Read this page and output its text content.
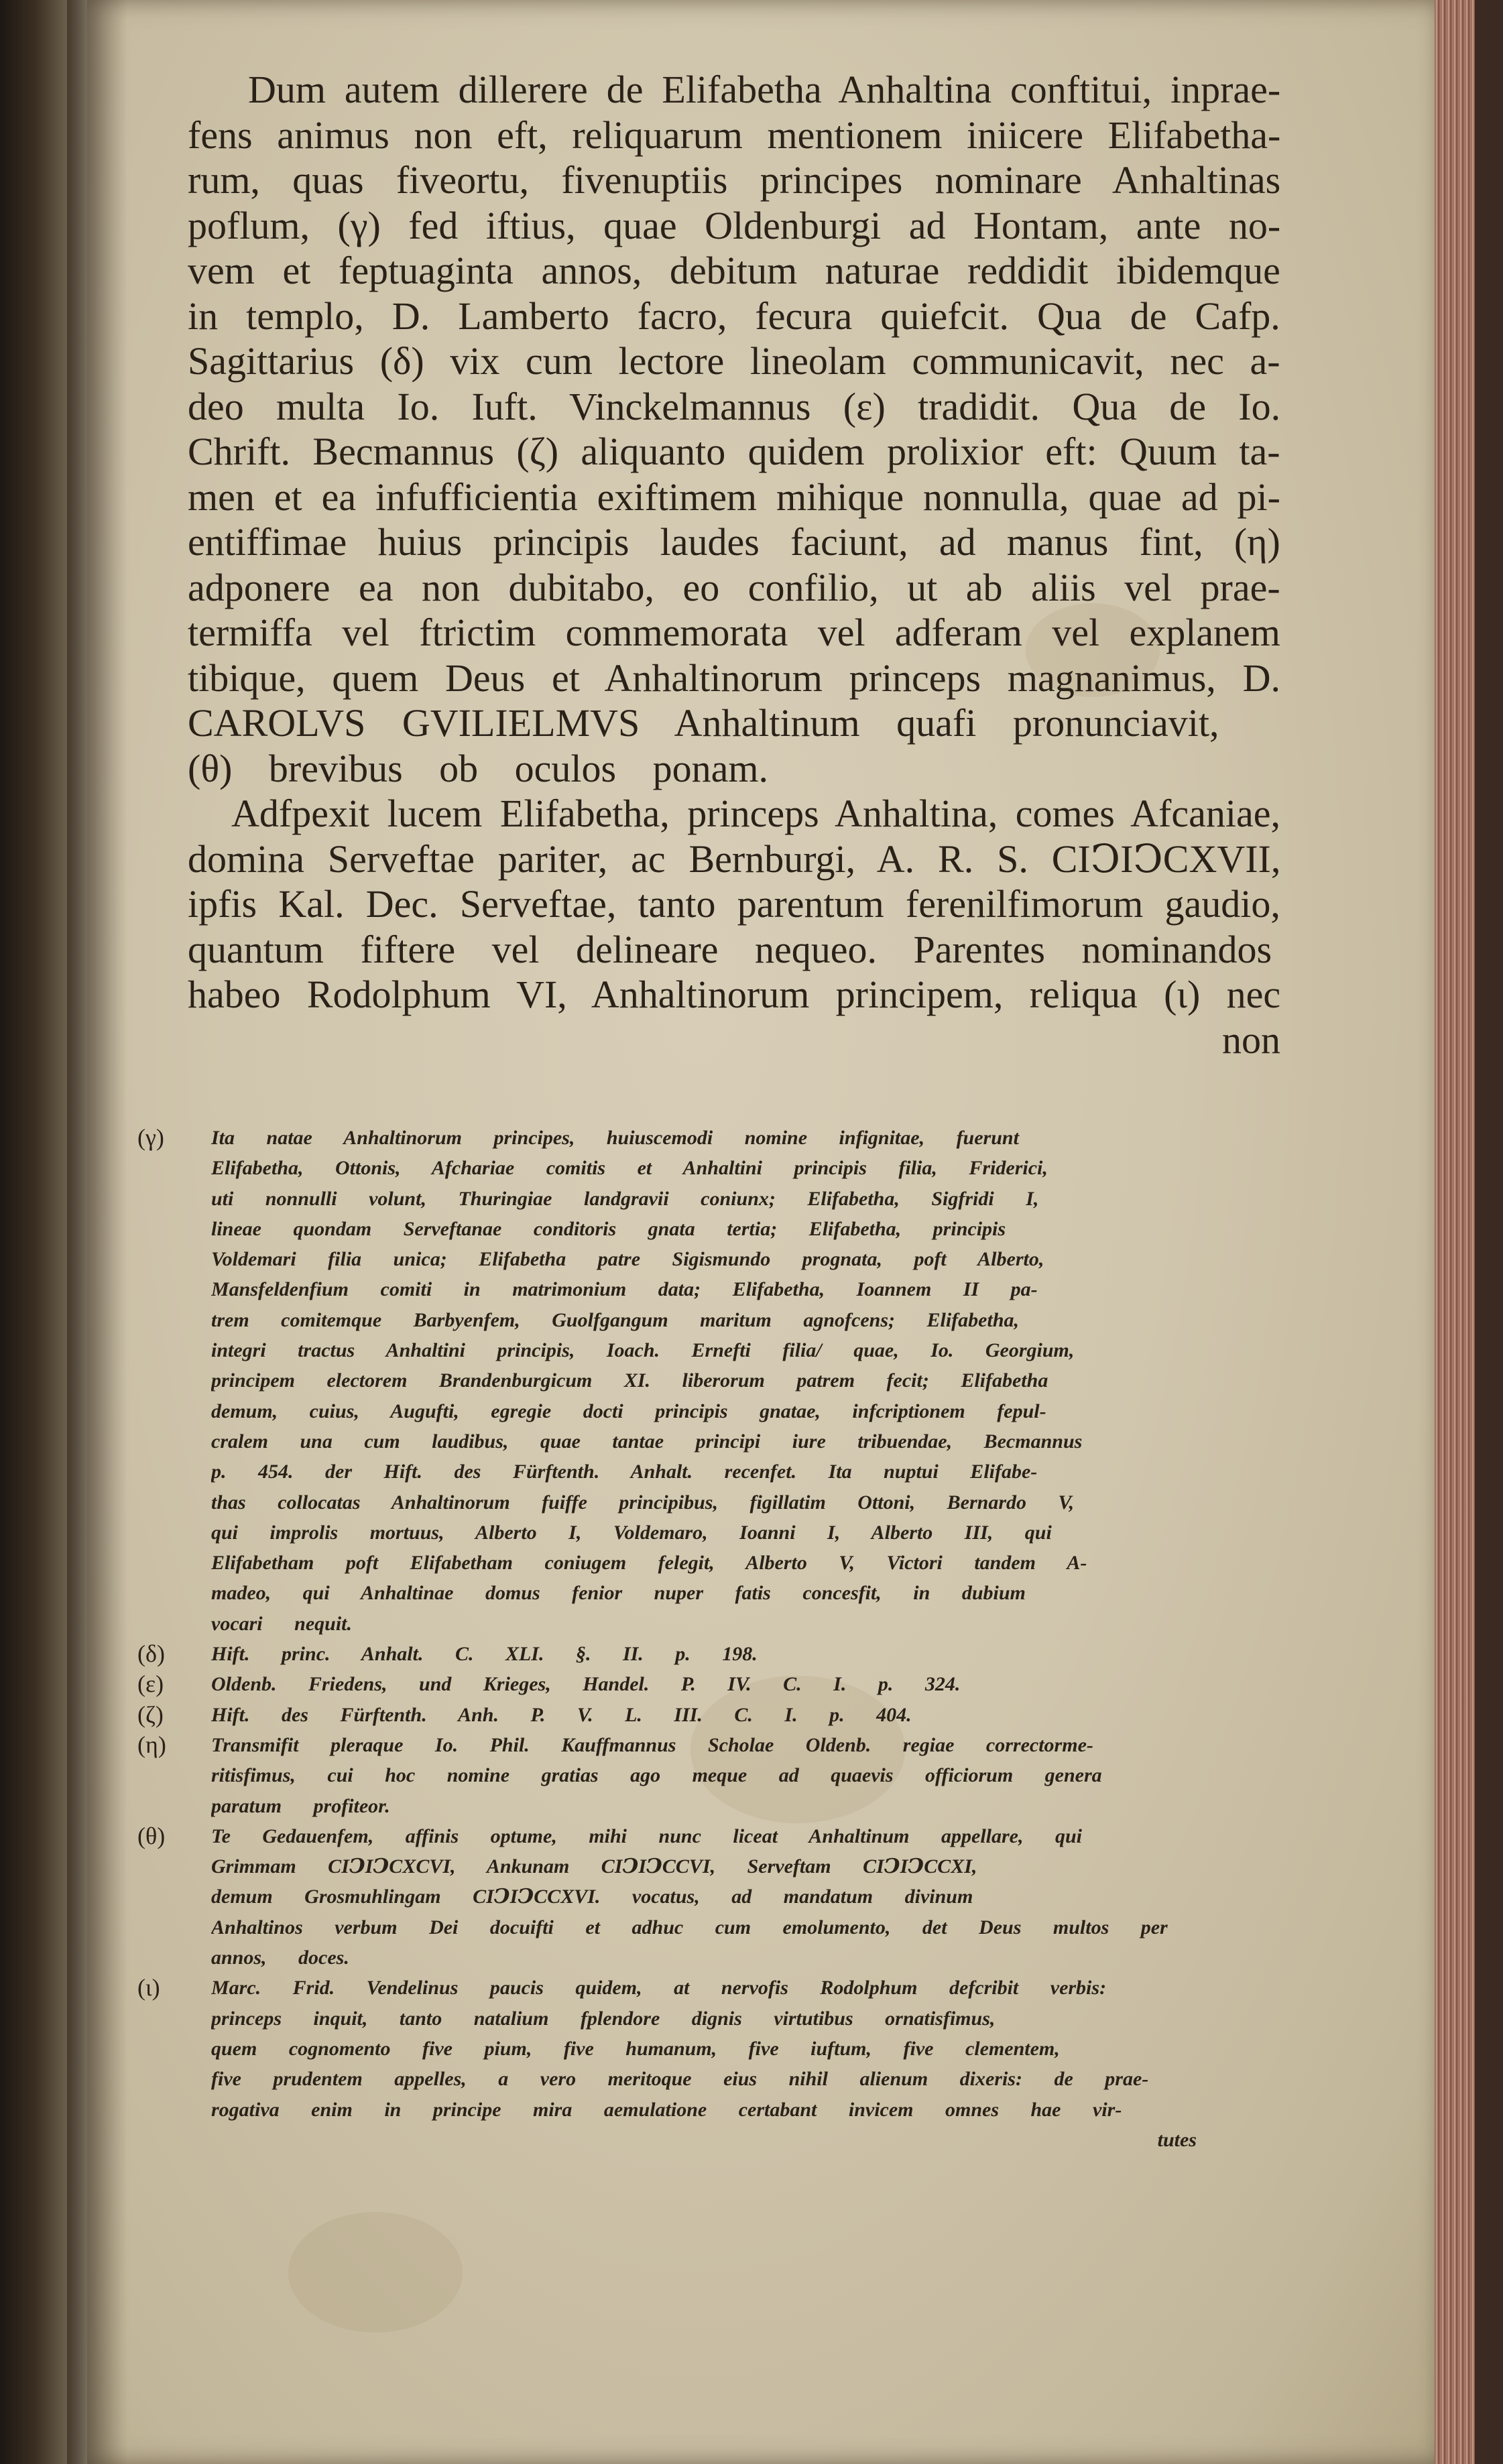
Dum autem dillerere de Elifabetha Anhaltina conftitui, inprae-
fens animus non eft, reliquarum mentionem iniicere Elifabetha-
rum, quas fiveortu, fivenuptiis principes nominare Anhaltinas
poflum, (γ) fed iftius, quae Oldenburgi ad Hontam, ante no-
vem et feptuaginta annos, debitum naturae reddidit ibidemque
in templo, D. Lamberto facro, fecura quiefcit. Qua de Cafp.
Sagittarius (δ) vix cum lectore lineolam communicavit, nec a-
deo multa Io. Iuft. Vinckelmannus (ε) tradidit. Qua de Io.
Chrift. Becmannus (ζ) aliquanto quidem prolixior eft: Quum ta-
men et ea infufficientia exiftimem mihique nonnulla, quae ad pi-
entiffimae huius principis laudes faciunt, ad manus fint, (η)
adponere ea non dubitabo, eo confilio, ut ab aliis vel prae-
termiffa vel ftrictim commemorata vel adferam vel explanem
tibique, quem Deus et Anhaltinorum princeps magnanimus, D.
CAROLVS GVILIELMVS Anhaltinum quafi pronunciavit,
(θ) brevibus ob oculos ponam.

Adfpexit lucem Elifabetha, princeps Anhaltina, comes Afcaniae,
domina Serveftae pariter, ac Bernburgi, A. R. S. CIↃIↃCXVII,
ipfis Kal. Dec. Serveftae, tanto parentum ferenilfimorum gaudio,
quantum fiftere vel delineare nequeo. Parentes nominandos
habeo Rodolphum VI, Anhaltinorum principem, reliqua (ι) nec

non
(γ) Ita natae Anhaltinorum principes, huiuscemodi nomine infignitae, fuerunt
Elifabetha, Ottonis, Afchariae comitis et Anhaltini principis filia, Friderici,
uti nonnulli volunt, Thuringiae landgravii coniunx; Elifabetha, Sigfridi I,
lineae quondam Serveftanae conditoris gnata tertia; Elifabetha, principis
Voldemari filia unica; Elifabetha patre Sigismundo prognata, poft Alberto,
Mansfeldenfium comiti in matrimonium data; Elifabetha, Ioannem II pa-
trem comitemque Barbyenfem, Guolfgangum maritum agnofcens; Elifabetha,
integri tractus Anhaltini principis, Ioach. Ernefti filia/ quae, Io. Georgium,
principem electorem Brandenburgicum XI. liberorum patrem fecit; Elifabetha
demum, cuius, Augufti, egregie docti principis gnatae, infcriptionem fepul-
cralem una cum laudibus, quae tantae principi iure tribuendae, Becmannus
p. 454. der Hift. des Fürftenth. Anhalt. recenfet. Ita nuptui Elifabe-
thas collocatas Anhaltinorum fuiffe principibus, figillatim Ottoni, Bernardo V,
qui improlis mortuus, Alberto I, Voldemaro, Ioanni I, Alberto III, qui
Elifabetham poft Elifabetham coniugem felegit, Alberto V, Victori tandem A-
madeo, qui Anhaltinae domus fenior nuper fatis concesfit, in dubium
vocari nequit.
(δ) Hift. princ. Anhalt. C. XLI. §. II. p. 198.
(ε) Oldenb. Friedens, und Krieges, Handel. P. IV. C. I. p. 324.
(ζ) Hift. des Fürftenth. Anh. P. V. L. III. C. I. p. 404.
(η) Transmifit pleraque Io. Phil. Kauffmannus Scholae Oldenb. regiae correctormе-
ritisfimus, cui hoc nomine gratias ago meque ad quaevis officiorum genera
paratum profiteor.
(θ) Te Gedauenfem, affinis optume, mihi nunc liceat Anhaltinum appellare, qui
Grimmam CIↃIↃCXCVI, Ankunam CIↃIↃCCVI, Serveftam CIↃIↃCCXI,
demum Grosmuhlingam CIↃIↃCCXVI. vocatus, ad mandatum divinum
Anhaltinos verbum Dei docuifti et adhuc cum emolumento, det Deus multos per
annos, doces.
(ι)	Marc. Frid. Vendelinus paucis quidem, at nervofis Rodolphum defcribit verbis:
princeps inquit, tanto natalium fplendore dignis virtutibus ornatisfimus,
quem cognomento five pium, five humanum, five iuftum, five clementem,
five prudentem appelles, a vero meritoque eius nihil alienum dixeris: de prae-
rogativa enim in principe mira aemulatione certabant invicem omnes hae vir-
tutes
